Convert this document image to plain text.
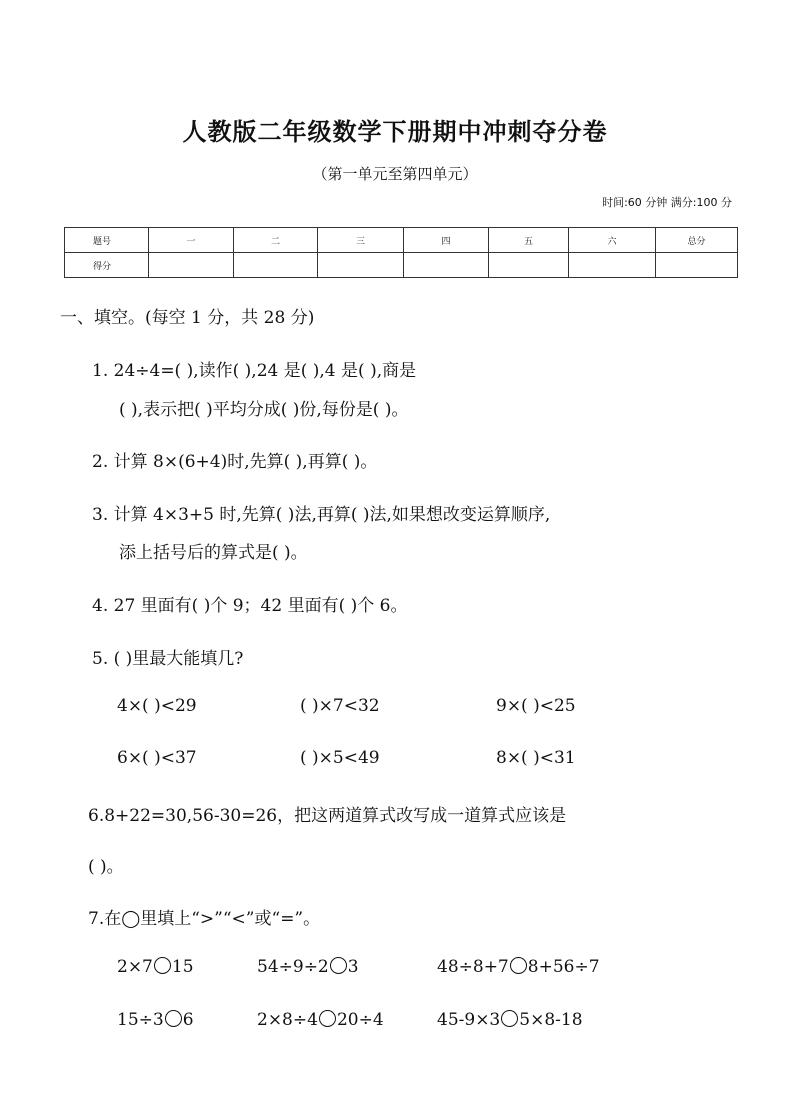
人教版二年级数学下册期中冲刺夺分卷
（第一单元至第四单元）
时间:60 分钟 满分:100 分
题号	一	二	三	四	五	六	总分
得分							
一、填空。(每空 1 分，共 28 分)
1. 24÷4=( ),读作( ),24 是( ),4 是( ),商是
( ),表示把( )平均分成( )份,每份是( )。
2. 计算 8×(6+4)时,先算( ),再算( )。
3. 计算 4×3+5 时,先算( )法,再算( )法,如果想改变运算顺序,
添上括号后的算式是( )。
4. 27 里面有( )个 9；42 里面有( )个 6。
5. ( )里最大能填几?
4×( )<29	( )×7<32	9×( )<25
6×( )<37	( )×5<49	8×( )<31
6.8+22=30,56-30=26，把这两道算式改写成一道算式应该是
( )。
7.在◯里填上“>”“<”或“=”。
2×7 15	54÷9÷2 3	48÷8+7 8+56÷7
15÷3 6	2×8÷4 20÷4	45-9×3 5×8-18
